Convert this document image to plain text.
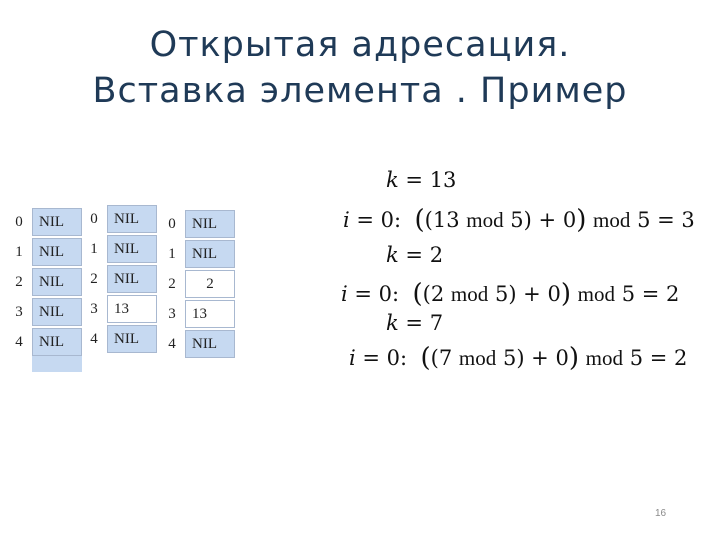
Открытая адресация.
Вставка элемента . Пример
0	NIL
1	NIL
2	NIL
3	NIL
4	NIL
0	NIL
1	NIL
2	NIL
3	13
4	NIL
0	NIL
1	NIL
2	2
3	13
4	NIL
k = 13
i = 0:  ((13 mod 5) + 0) mod 5 = 3
k = 2
i = 0:  ((2 mod 5) + 0) mod 5 = 2
k = 7
i = 0:  ((7 mod 5) + 0) mod 5 = 2
16
